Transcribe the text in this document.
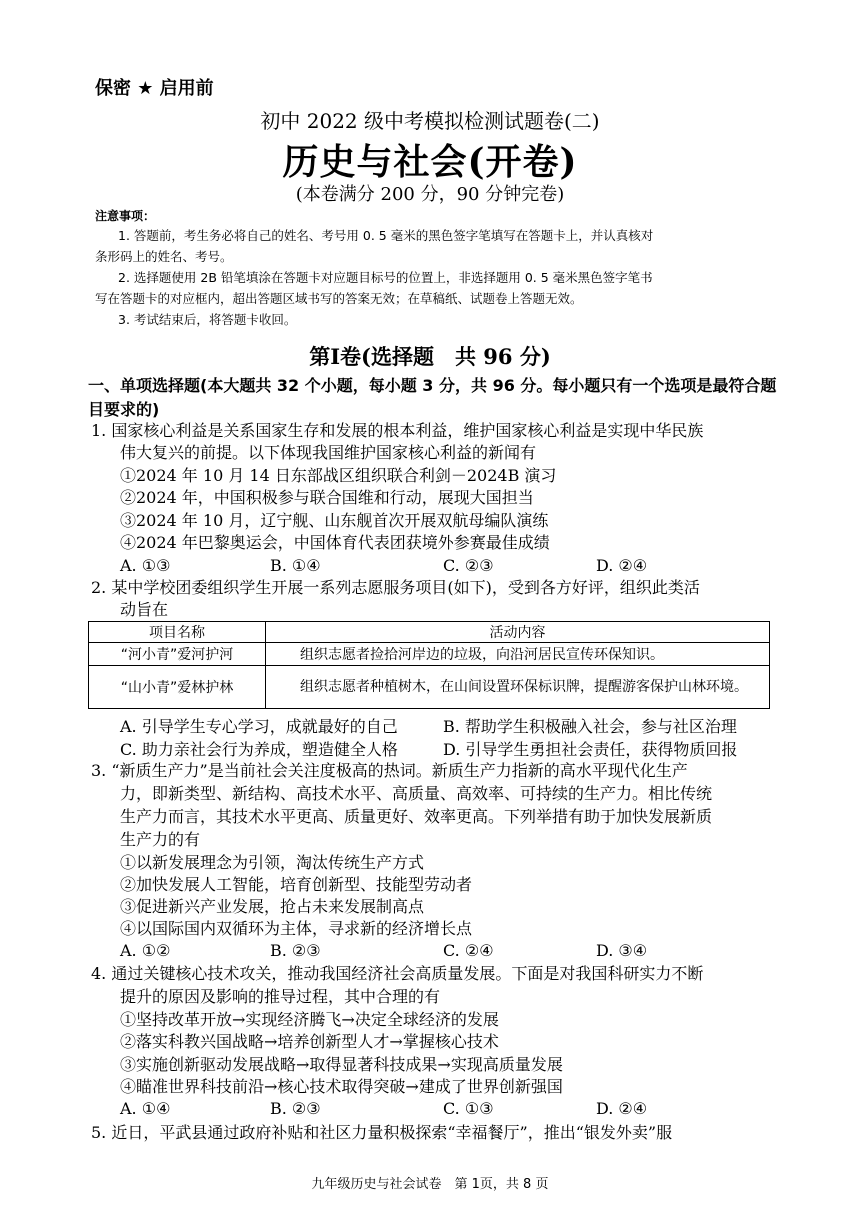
保密 ★ 启用前
初中 2022 级中考模拟检测试题卷(二)
历史与社会(开卷)
(本卷满分 200 分，90 分钟完卷)
注意事项：
1. 答题前，考生务必将自己的姓名、考号用 0. 5 毫米的黑色签字笔填写在答题卡上，并认真核对
条形码上的姓名、考号。
2. 选择题使用 2B 铅笔填涂在答题卡对应题目标号的位置上，非选择题用 0. 5 毫米黑色签字笔书
写在答题卡的对应框内，超出答题区域书写的答案无效；在草稿纸、试题卷上答题无效。
3. 考试结束后，将答题卡收回。
第Ⅰ卷(选择题　共 96 分)
一、单项选择题(本大题共 32 个小题，每小题 3 分，共 96 分。每小题只有一个选项是最符合题目要求的)
1. 国家核心利益是关系国家生存和发展的根本利益，维护国家核心利益是实现中华民族
伟大复兴的前提。以下体现我国维护国家核心利益的新闻有
①2024 年 10 月 14 日东部战区组织联合利剑－2024B 演习
②2024 年，中国积极参与联合国维和行动，展现大国担当
③2024 年 10 月，辽宁舰、山东舰首次开展双航母编队演练
④2024 年巴黎奥运会，中国体育代表团获境外参赛最佳成绩
A. ①③	B. ①④	C. ②③	D. ②④
2. 某中学校团委组织学生开展一系列志愿服务项目(如下)，受到各方好评，组织此类活
动旨在
项目名称	活动内容
“河小青”爱河护河	组织志愿者捡拾河岸边的垃圾，向沿河居民宣传环保知识。
“山小青”爱林护林	组织志愿者种植树木，在山间设置环保标识牌，提醒游客保护山林环境。
A. 引导学生专心学习，成就最好的自己	B. 帮助学生积极融入社会，参与社区治理
C. 助力亲社会行为养成，塑造健全人格	D. 引导学生勇担社会责任，获得物质回报
3. “新质生产力”是当前社会关注度极高的热词。新质生产力指新的高水平现代化生产
力，即新类型、新结构、高技术水平、高质量、高效率、可持续的生产力。相比传统
生产力而言，其技术水平更高、质量更好、效率更高。下列举措有助于加快发展新质
生产力的有
①以新发展理念为引领，淘汰传统生产方式
②加快发展人工智能，培育创新型、技能型劳动者
③促进新兴产业发展，抢占未来发展制高点
④以国际国内双循环为主体，寻求新的经济增长点
A. ①②	B. ②③	C. ②④	D. ③④
4. 通过关键核心技术攻关，推动我国经济社会高质量发展。下面是对我国科研实力不断
提升的原因及影响的推导过程，其中合理的有
①坚持改革开放→实现经济腾飞→决定全球经济的发展
②落实科教兴国战略→培养创新型人才→掌握核心技术
③实施创新驱动发展战略→取得显著科技成果→实现高质量发展
④瞄准世界科技前沿→核心技术取得突破→建成了世界创新强国
A. ①④	B. ②③	C. ①③	D. ②④
5. 近日，平武县通过政府补贴和社区力量积极探索“幸福餐厅”，推出“银发外卖”服
九年级历史与社会试卷　第 1页，共 8 页
